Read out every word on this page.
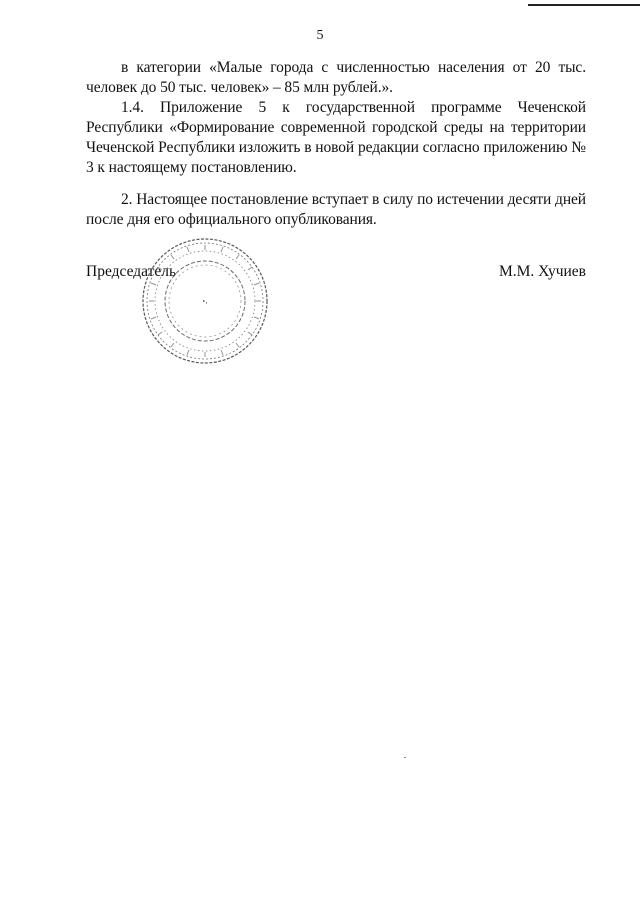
5

в категории «Малые города с численностью населения от 20 тыс. человек до 50 тыс. человек» – 85 млн рублей.».

1.4. Приложение 5 к государственной программе Чеченской Республики «Формирование современной городской среды на территории Чеченской Республики изложить в новой редакции согласно приложению № 3 к настоящему постановлению.

2. Настоящее постановление вступает в силу по истечении десяти дней после дня его официального опубликования.

Председатель	М.М. Хучиев
